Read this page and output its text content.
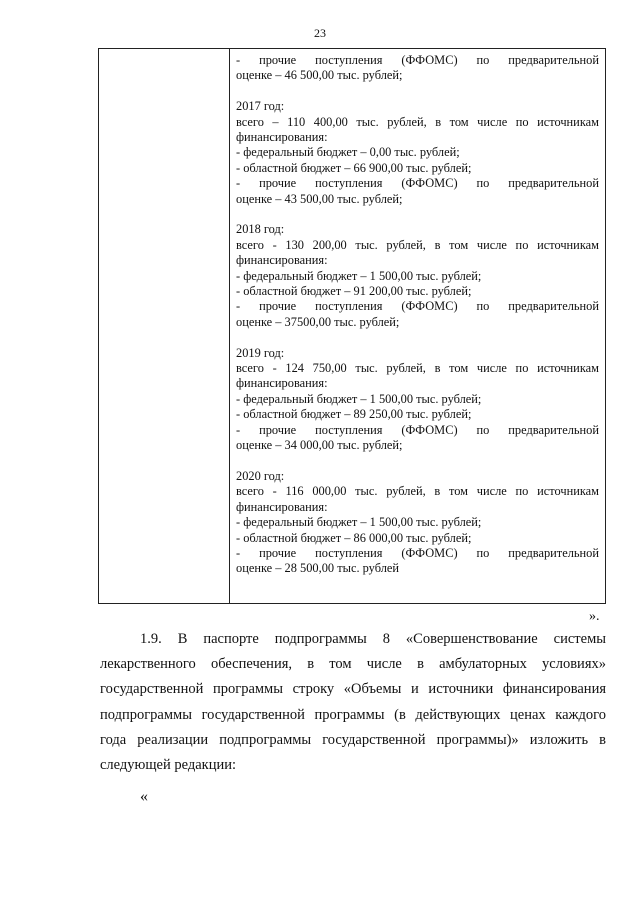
23
- прочие поступления (ФФОМС) по предварительной
оценке – 46 500,00 тыс. рублей;
2017 год:
всего – 110 400,00 тыс. рублей, в том числе по источникам
финансирования:
- федеральный бюджет – 0,00 тыс. рублей;
- областной бюджет – 66 900,00 тыс. рублей;
- прочие поступления (ФФОМС) по предварительной
оценке – 43 500,00 тыс. рублей;
2018 год:
всего - 130 200,00 тыс. рублей, в том числе по источникам
финансирования:
- федеральный бюджет – 1 500,00 тыс. рублей;
- областной бюджет – 91 200,00 тыс. рублей;
- прочие поступления (ФФОМС) по предварительной
оценке – 37500,00 тыс. рублей;
2019 год:
всего - 124 750,00 тыс. рублей, в том числе по источникам
финансирования:
- федеральный бюджет – 1 500,00 тыс. рублей;
- областной бюджет – 89 250,00 тыс. рублей;
- прочие поступления (ФФОМС) по предварительной
оценке – 34 000,00 тыс. рублей;
2020 год:
всего - 116 000,00 тыс. рублей, в том числе по источникам
финансирования:
- федеральный бюджет – 1 500,00 тыс. рублей;
- областной бюджет – 86 000,00 тыс. рублей;
- прочие поступления (ФФОМС) по предварительной
оценке – 28 500,00 тыс. рублей
».
1.9. В паспорте подпрограммы 8 «Совершенствование системы
лекарственного обеспечения, в том числе в амбулаторных условиях»
государственной программы строку «Объемы и источники финансирования
подпрограммы государственной программы (в действующих ценах каждого
года реализации подпрограммы государственной программы)» изложить в
следующей редакции:
«
